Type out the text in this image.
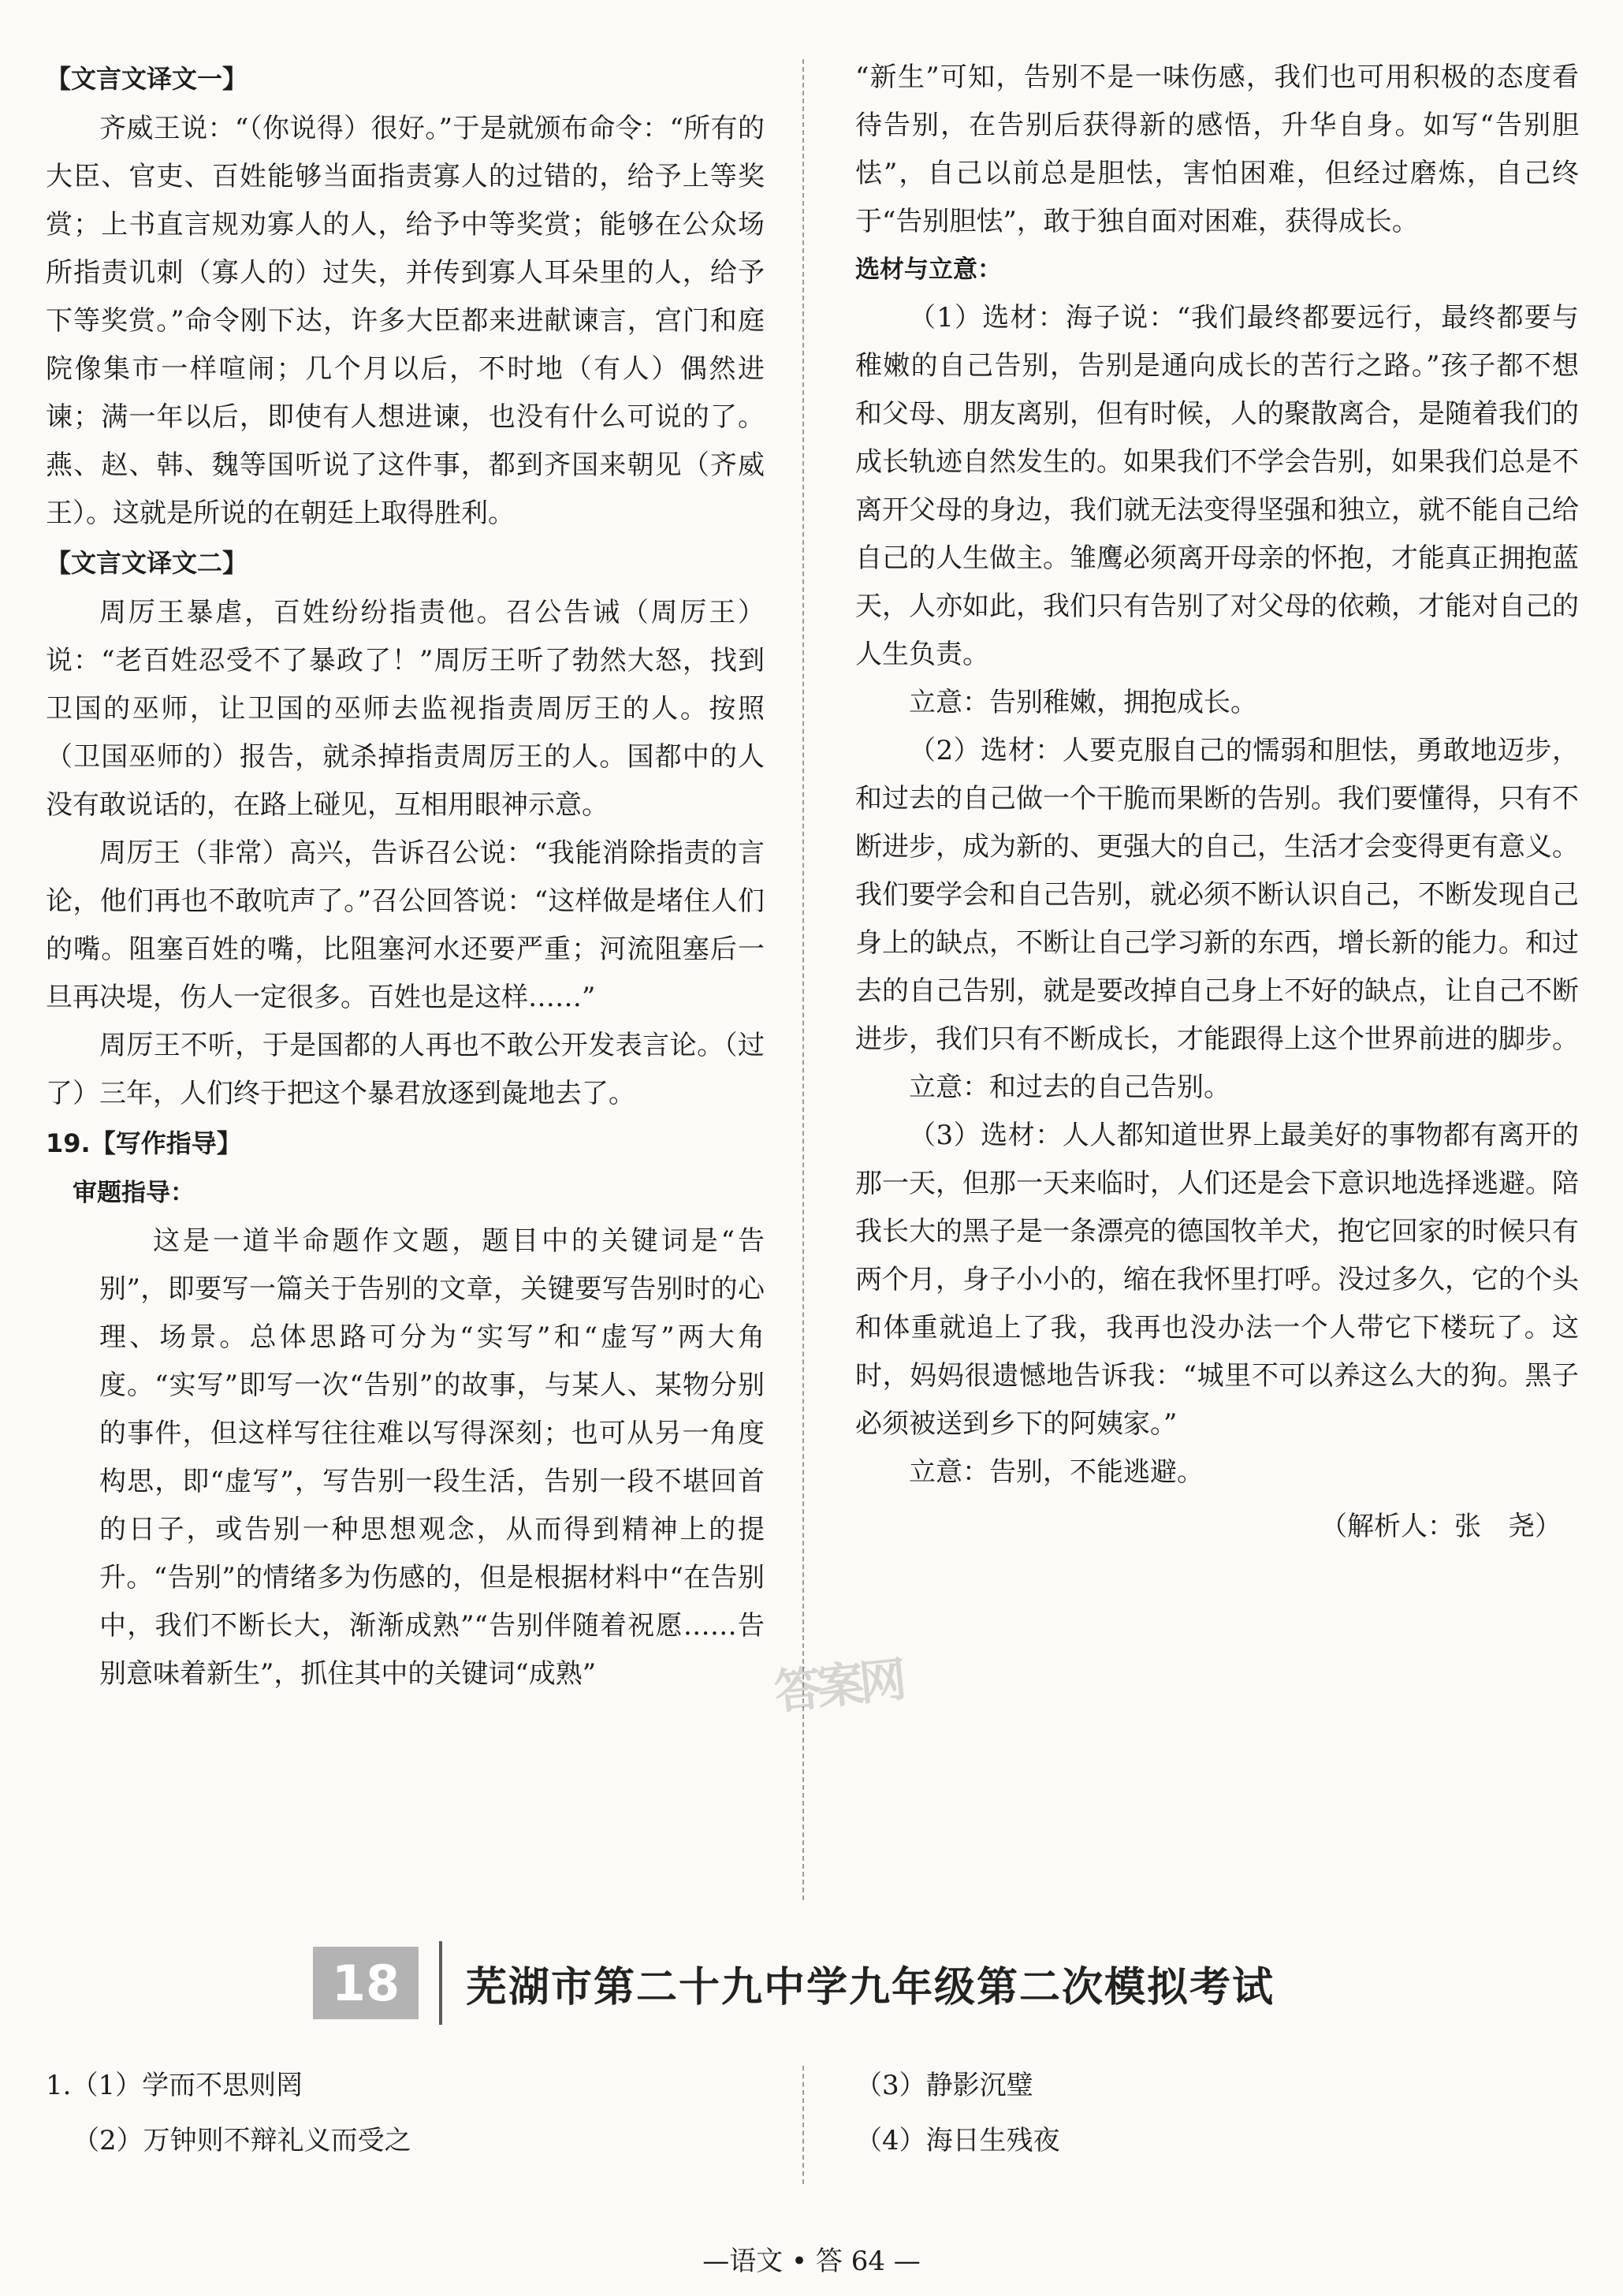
【文言文译文一】

齐威王说：“（你说得）很好。”于是就颁布命令：“所有的大臣、官吏、百姓能够当面指责寡人的过错的，给予上等奖赏；上书直言规劝寡人的人，给予中等奖赏；能够在公众场所指责讥刺（寡人的）过失，并传到寡人耳朵里的人，给予下等奖赏。”命令刚下达，许多大臣都来进献谏言，宫门和庭院像集市一样喧闹；几个月以后，不时地（有人）偶然进谏；满一年以后，即使有人想进谏，也没有什么可说的了。燕、赵、韩、魏等国听说了这件事，都到齐国来朝见（齐威王）。这就是所说的在朝廷上取得胜利。

【文言文译文二】

周厉王暴虐，百姓纷纷指责他。召公告诫（周厉王）说：“老百姓忍受不了暴政了！”周厉王听了勃然大怒，找到卫国的巫师，让卫国的巫师去监视指责周厉王的人。按照（卫国巫师的）报告，就杀掉指责周厉王的人。国都中的人没有敢说话的，在路上碰见，互相用眼神示意。

周厉王（非常）高兴，告诉召公说：“我能消除指责的言论，他们再也不敢吭声了。”召公回答说：“这样做是堵住人们的嘴。阻塞百姓的嘴，比阻塞河水还要严重；河流阻塞后一旦再决堤，伤人一定很多。百姓也是这样……”

周厉王不听，于是国都的人再也不敢公开发表言论。（过了）三年，人们终于把这个暴君放逐到彘地去了。

19.【写作指导】
审题指导：

这是一道半命题作文题，题目中的关键词是“告别”，即要写一篇关于告别的文章，关键要写告别时的心理、场景。总体思路可分为“实写”和“虚写”两大角度。“实写”即写一次“告别”的故事，与某人、某物分别的事件，但这样写往往难以写得深刻；也可从另一角度构思，即“虚写”，写告别一段生活，告别一段不堪回首的日子，或告别一种思想观念，从而得到精神上的提升。“告别”的情绪多为伤感的，但是根据材料中“在告别中，我们不断长大，渐渐成熟”“告别伴随着祝愿……告别意味着新生”，抓住其中的关键词“成熟”

“新生”可知，告别不是一味伤感，我们也可用积极的态度看待告别，在告别后获得新的感悟，升华自身。如写“告别胆怯”，自己以前总是胆怯，害怕困难，但经过磨炼，自己终于“告别胆怯”，敢于独自面对困难，获得成长。

选材与立意：

（1）选材：海子说：“我们最终都要远行，最终都要与稚嫩的自己告别，告别是通向成长的苦行之路。”孩子都不想和父母、朋友离别，但有时候，人的聚散离合，是随着我们的成长轨迹自然发生的。如果我们不学会告别，如果我们总是不离开父母的身边，我们就无法变得坚强和独立，就不能自己给自己的人生做主。雏鹰必须离开母亲的怀抱，才能真正拥抱蓝天，人亦如此，我们只有告别了对父母的依赖，才能对自己的人生负责。

立意：告别稚嫩，拥抱成长。

（2）选材：人要克服自己的懦弱和胆怯，勇敢地迈步，和过去的自己做一个干脆而果断的告别。我们要懂得，只有不断进步，成为新的、更强大的自己，生活才会变得更有意义。我们要学会和自己告别，就必须不断认识自己，不断发现自己身上的缺点，不断让自己学习新的东西，增长新的能力。和过去的自己告别，就是要改掉自己身上不好的缺点，让自己不断进步，我们只有不断成长，才能跟得上这个世界前进的脚步。

立意：和过去的自己告别。

（3）选材：人人都知道世界上最美好的事物都有离开的那一天，但那一天来临时，人们还是会下意识地选择逃避。陪我长大的黑子是一条漂亮的德国牧羊犬，抱它回家的时候只有两个月，身子小小的，缩在我怀里打呼。没过多久，它的个头和体重就追上了我，我再也没办法一个人带它下楼玩了。这时，妈妈很遗憾地告诉我：“城里不可以养这么大的狗。黑子必须被送到乡下的阿姨家。”

立意：告别，不能逃避。

（解析人：张　尧）
答案网
18	芜湖市第二十九中学九年级第二次模拟考试
1.（1）学而不思则罔
（2）万钟则不辩礼义而受之
（3）静影沉璧
（4）海日生残夜
—语文 • 答 64 —
